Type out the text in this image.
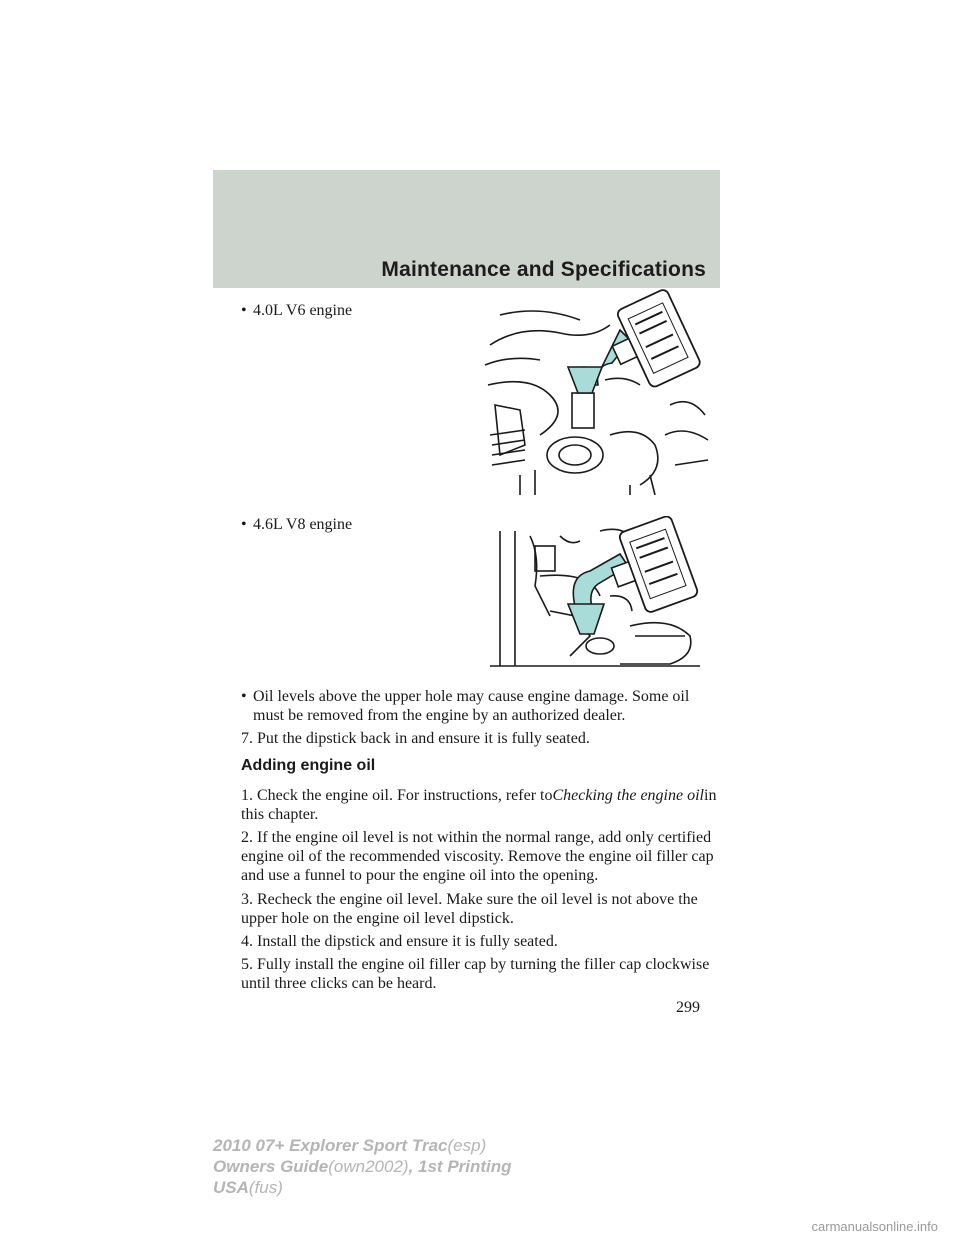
Maintenance and Specifications
• 4.0L V6 engine
• 4.6L V8 engine
• Oil levels above the upper hole may cause engine damage. Some oil must be removed from the engine by an authorized dealer.
7. Put the dipstick back in and ensure it is fully seated.
Adding engine oil
1. Check the engine oil. For instructions, refer toChecking the engine oilin this chapter.
2. If the engine oil level is not within the normal range, add only certified engine oil of the recommended viscosity. Remove the engine oil filler cap and use a funnel to pour the engine oil into the opening.
3. Recheck the engine oil level. Make sure the oil level is not above the upper hole on the engine oil level dipstick.
4. Install the dipstick and ensure it is fully seated.
5. Fully install the engine oil filler cap by turning the filler cap clockwise until three clicks can be heard.
299
2010 07+ Explorer Sport Trac(esp)
Owners Guide(own2002), 1st Printing
USA(fus)
carmanualsonline.info
